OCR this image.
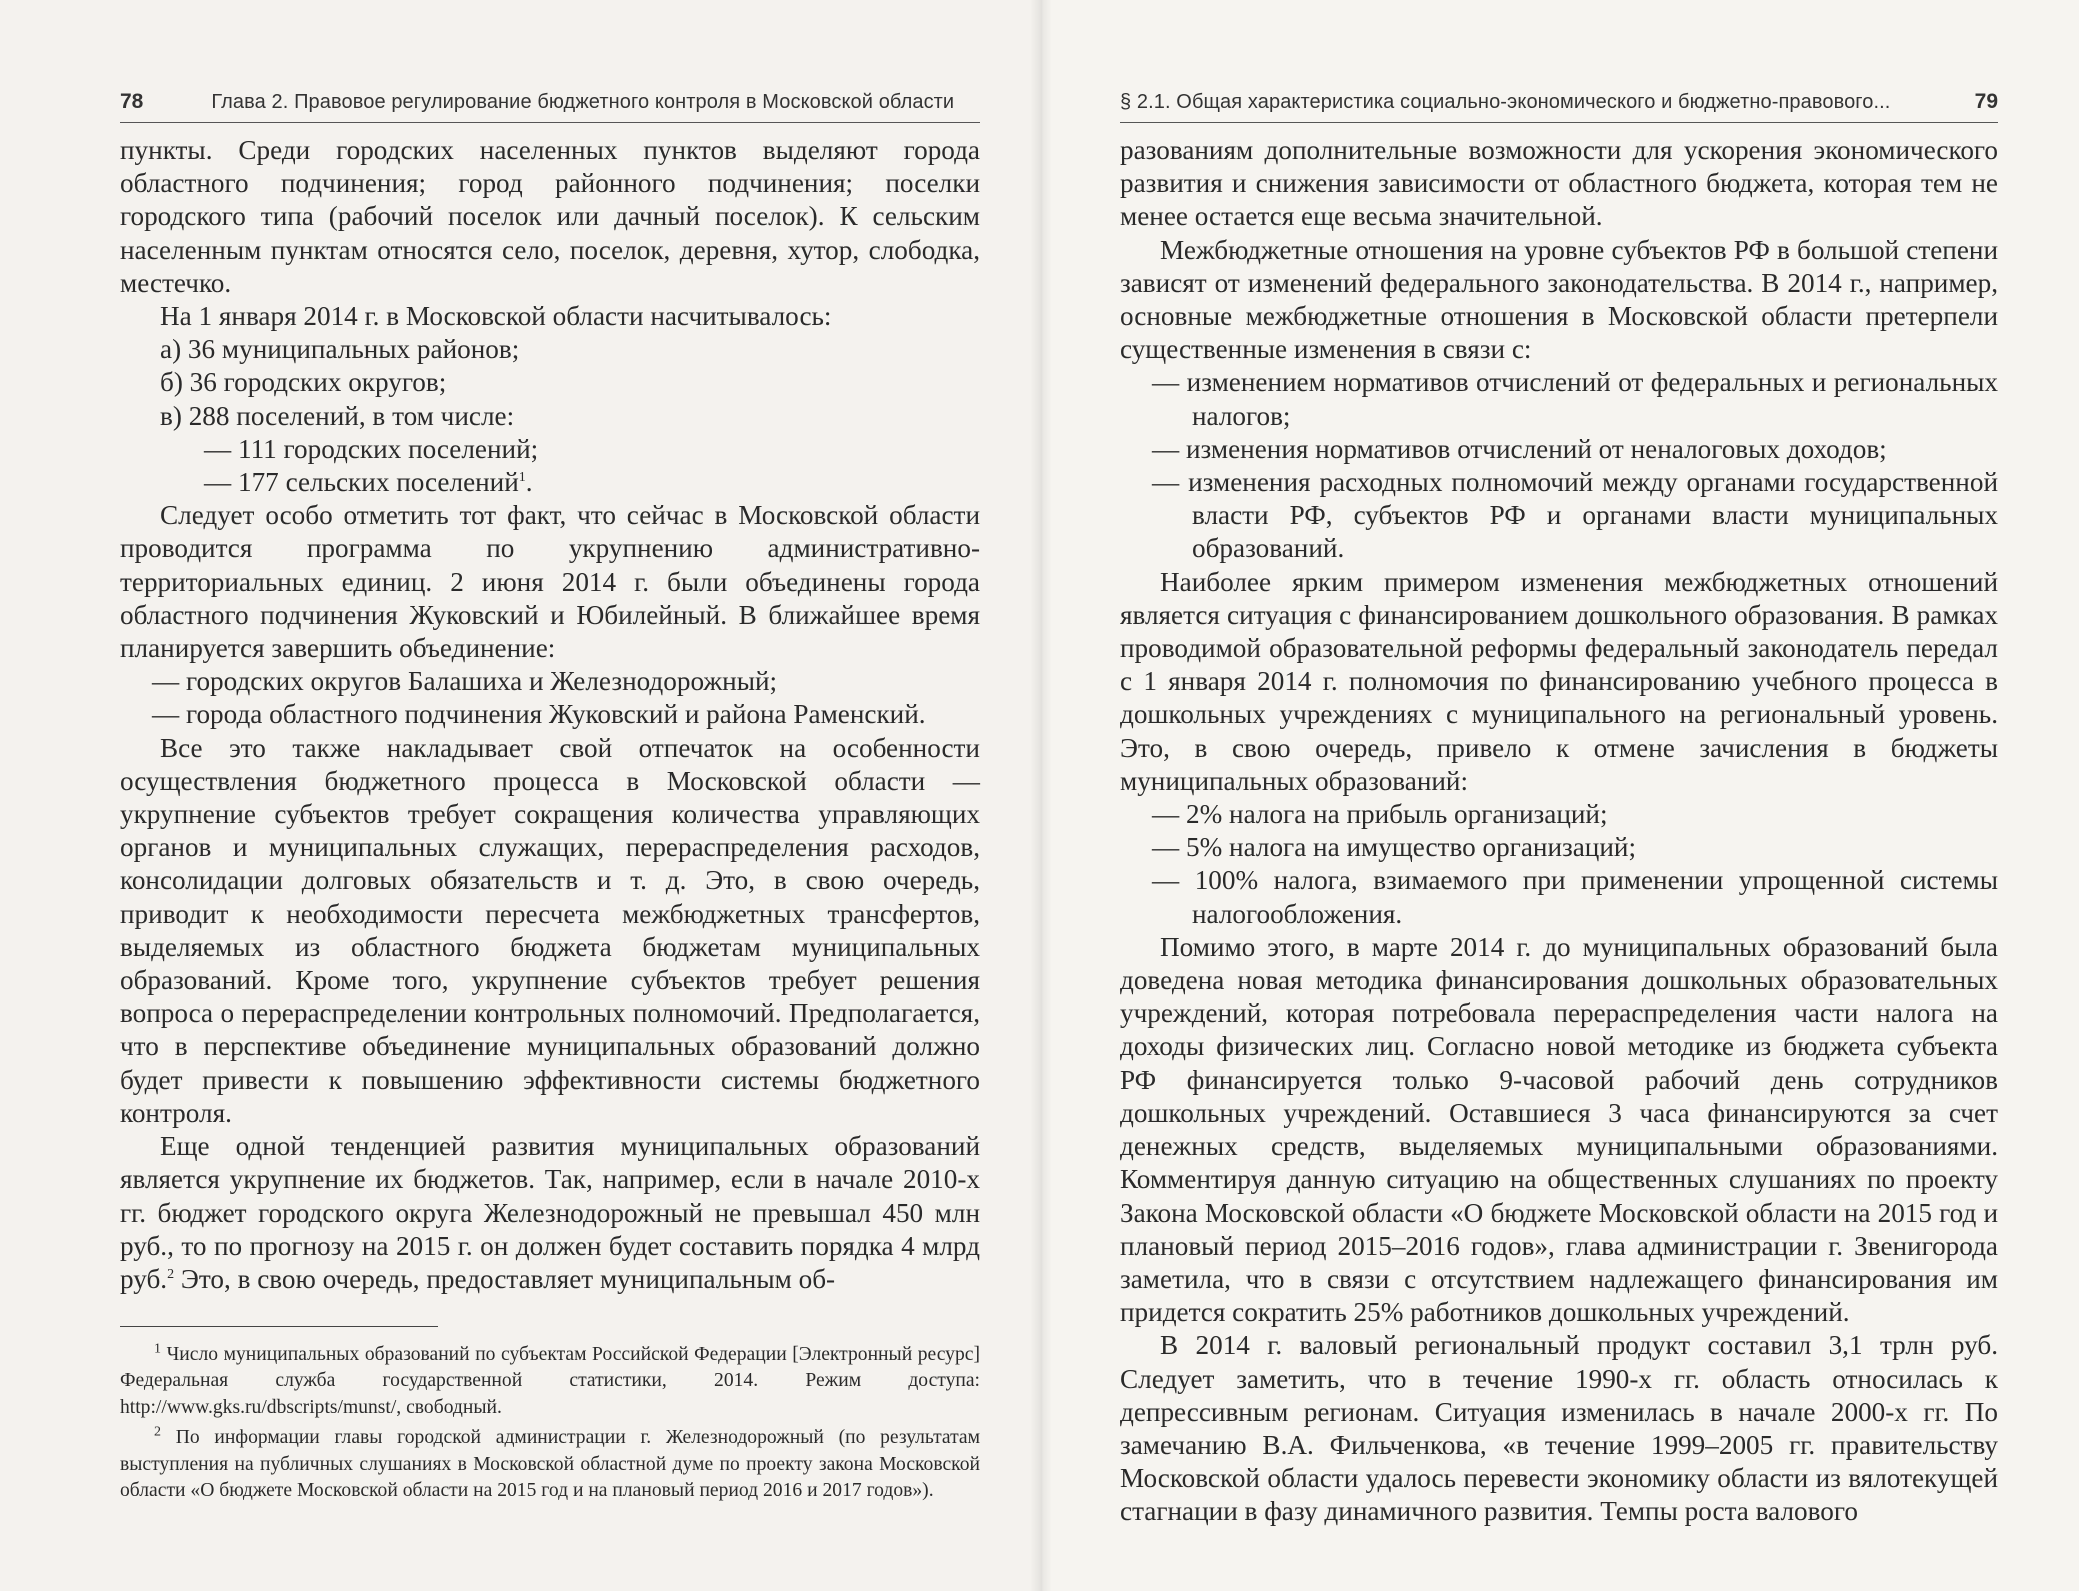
78	Глава 2. Правовое регулирование бюджетного контроля в Московской области

пункты. Среди городских населенных пунктов выделяют города областного подчинения; город районного подчинения; поселки городского типа (рабочий поселок или дачный поселок). К сельским населенным пунктам относятся село, поселок, деревня, хутор, слободка, местечко.

На 1 января 2014 г. в Московской области насчитывалось:

а) 36 муниципальных районов;

б) 36 городских округов;

в) 288 поселений, в том числе:

— 111 городских поселений;

— 177 сельских поселений$^1$.

Следует особо отметить тот факт, что сейчас в Московской области проводится программа по укрупнению административно-территориальных единиц. 2 июня 2014 г. были объединены города областного подчинения Жуковский и Юбилейный. В ближайшее время планируется завершить объединение:

— городских округов Балашиха и Железнодорожный;

— города областного подчинения Жуковский и района Раменский.

Все это также накладывает свой отпечаток на особенности осуществления бюджетного процесса в Московской области — укрупнение субъектов требует сокращения количества управляющих органов и муниципальных служащих, перераспределения расходов, консолидации долговых обязательств и т. д. Это, в свою очередь, приводит к необходимости пересчета межбюджетных трансфертов, выделяемых из областного бюджета бюджетам муниципальных образований. Кроме того, укрупнение субъектов требует решения вопроса о перераспределении контрольных полномочий. Предполагается, что в перспективе объединение муниципальных образований должно будет привести к повышению эффективности системы бюджетного контроля.

Еще одной тенденцией развития муниципальных образований является укрупнение их бюджетов. Так, например, если в начале 2010-х гг. бюджет городского округа Железнодорожный не превышал 450 млн руб., то по прогнозу на 2015 г. он должен будет составить порядка 4 млрд руб.$^2$ Это, в свою очередь, предоставляет муниципальным об-

$^1$ Число муниципальных образований по субъектам Российской Федерации [Электронный ресурс] Федеральная служба государственной статистики, 2014. Режим доступа: http://www.gks.ru/dbscripts/munst/, свободный.

$^2$ По информации главы городской администрации г. Железнодорожный (по результатам выступления на публичных слушаниях в Московской областной думе по проекту закона Московской области «О бюджете Московской области на 2015 год и на плановый период 2016 и 2017 годов»).

§ 2.1. Общая характеристика социально-экономического и бюджетно-правового...	79

разованиям дополнительные возможности для ускорения экономического развития и снижения зависимости от областного бюджета, которая тем не менее остается еще весьма значительной.

Межбюджетные отношения на уровне субъектов РФ в большой степени зависят от изменений федерального законодательства. В 2014 г., например, основные межбюджетные отношения в Московской области претерпели существенные изменения в связи с:

— изменением нормативов отчислений от федеральных и региональных налогов;

— изменения нормативов отчислений от неналоговых доходов;

— изменения расходных полномочий между органами государственной власти РФ, субъектов РФ и органами власти муниципальных образований.

Наиболее ярким примером изменения межбюджетных отношений является ситуация с финансированием дошкольного образования. В рамках проводимой образовательной реформы федеральный законодатель передал с 1 января 2014 г. полномочия по финансированию учебного процесса в дошкольных учреждениях с муниципального на региональный уровень. Это, в свою очередь, привело к отмене зачисления в бюджеты муниципальных образований:

— 2% налога на прибыль организаций;

— 5% налога на имущество организаций;

— 100% налога, взимаемого при применении упрощенной системы налогообложения.

Помимо этого, в марте 2014 г. до муниципальных образований была доведена новая методика финансирования дошкольных образовательных учреждений, которая потребовала перераспределения части налога на доходы физических лиц. Согласно новой методике из бюджета субъекта РФ финансируется только 9-часовой рабочий день сотрудников дошкольных учреждений. Оставшиеся 3 часа финансируются за счет денежных средств, выделяемых муниципальными образованиями. Комментируя данную ситуацию на общественных слушаниях по проекту Закона Московской области «О бюджете Московской области на 2015 год и плановый период 2015–2016 годов», глава администрации г. Звенигорода заметила, что в связи с отсутствием надлежащего финансирования им придется сократить 25% работников дошкольных учреждений.

В 2014 г. валовый региональный продукт составил 3,1 трлн руб. Следует заметить, что в течение 1990-х гг. область относилась к депрессивным регионам. Ситуация изменилась в начале 2000-х гг. По замечанию В.А. Фильченкова, «в течение 1999–2005 гг. правительству Московской области удалось перевести экономику области из вялотекущей стагнации в фазу динамичного развития. Темпы роста валового
